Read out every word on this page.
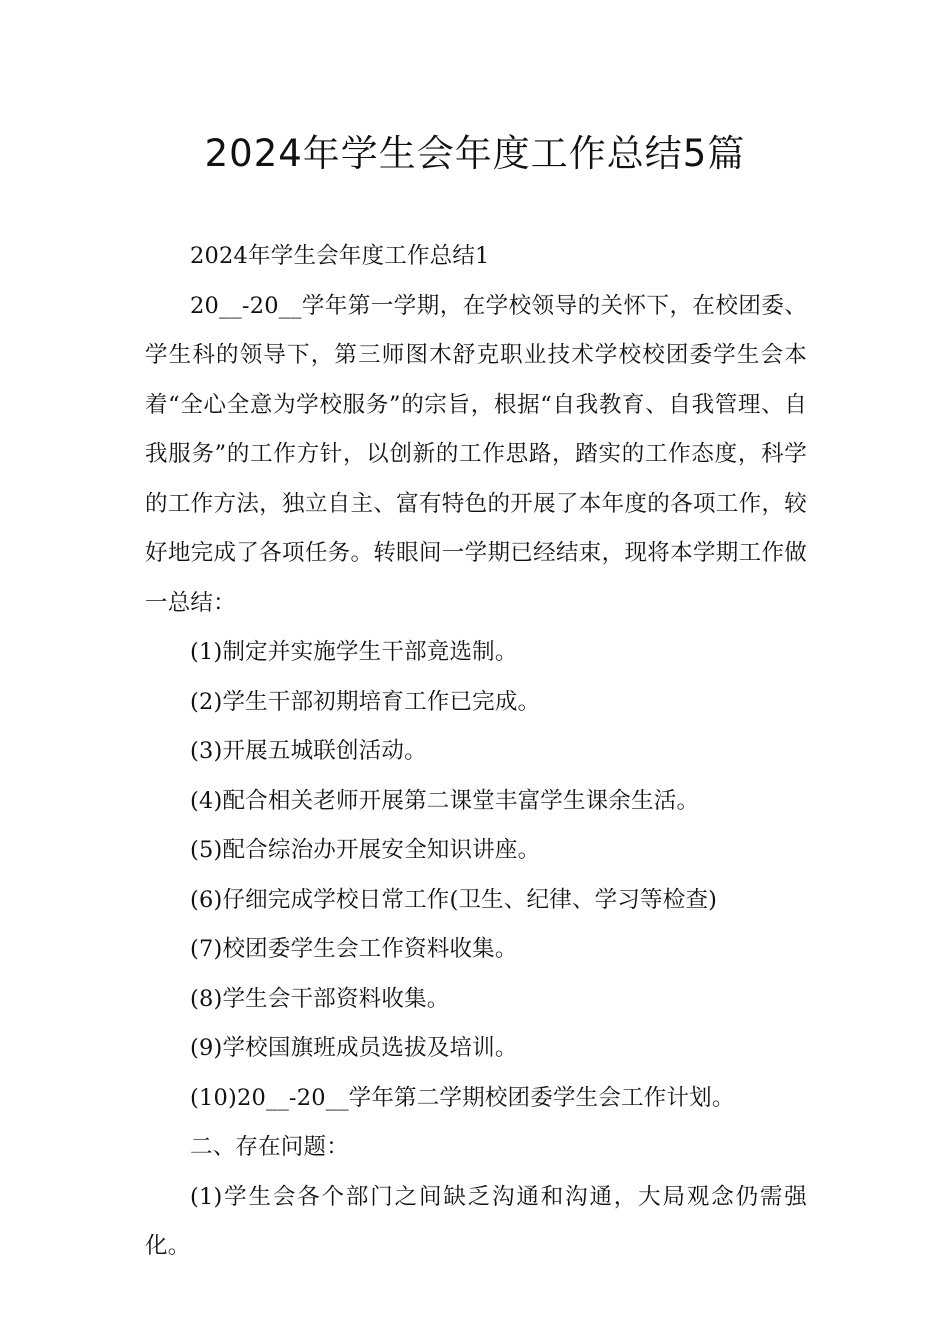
2024年学生会年度工作总结5篇

2024年学生会年度工作总结1

20__-20__学年第一学期，在学校领导的关怀下，在校团委、学生科的领导下，第三师图木舒克职业技术学校校团委学生会本着“全心全意为学校服务”的宗旨，根据“自我教育、自我管理、自我服务”的工作方针，以创新的工作思路，踏实的工作态度，科学的工作方法，独立自主、富有特色的开展了本年度的各项工作，较好地完成了各项任务。转眼间一学期已经结束，现将本学期工作做一总结：

(1)制定并实施学生干部竟选制。

(2)学生干部初期培育工作已完成。

(3)开展五城联创活动。

(4)配合相关老师开展第二课堂丰富学生课余生活。

(5)配合综治办开展安全知识讲座。

(6)仔细完成学校日常工作(卫生、纪律、学习等检查)

(7)校团委学生会工作资料收集。

(8)学生会干部资料收集。

(9)学校国旗班成员选拔及培训。

(10)20__-20__学年第二学期校团委学生会工作计划。

二、存在问题：

(1)学生会各个部门之间缺乏沟通和沟通，大局观念仍需强化。
